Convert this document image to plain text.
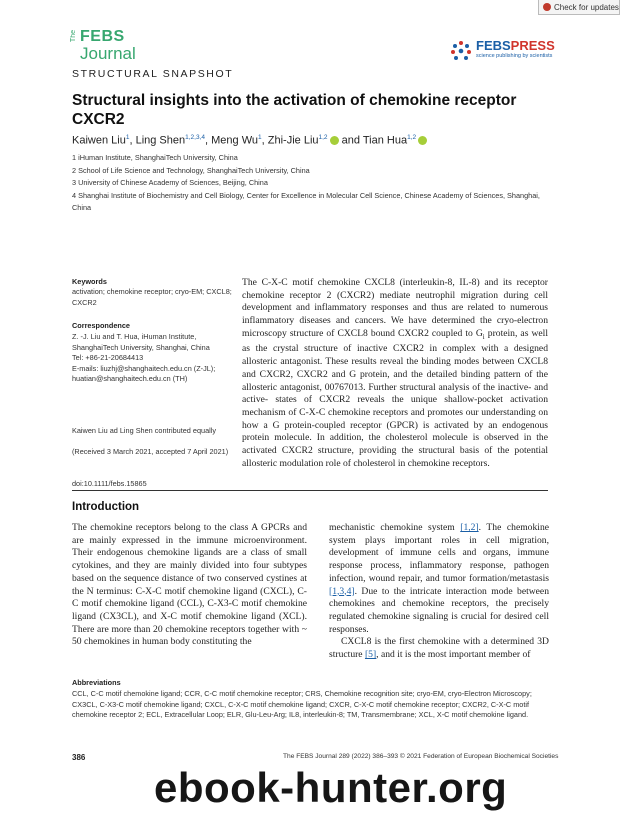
Check for updates
The FEBS
Journal	FEBSPRESS
science publishing by scientists
STRUCTURAL SNAPSHOT
Structural insights into the activation of chemokine receptor CXCR2
Kaiwen Liu$^1$, Ling Shen$^{1,2,3,4}$, Meng Wu$^1$, Zhi-Jie Liu$^{1,2}$ and Tian Hua$^{1,2}$

1 iHuman Institute, ShanghaiTech University, China

2 School of Life Science and Technology, ShanghaiTech University, China

3 University of Chinese Academy of Sciences, Beijing, China

4 Shanghai Institute of Biochemistry and Cell Biology, Center for Excellence in Molecular Cell Science, Chinese Academy of Sciences, Shanghai, China

Keywords
activation; chemokine receptor; cryo-EM; CXCL8; CXCR2
Correspondence
Z. -J. Liu and T. Hua, iHuman Institute,
ShanghaiTech University, Shanghai, China
Tel: +86-21-20684413
E-mails: liuzhj@shanghaitech.edu.cn (Z-JL);
huatian@shanghaitech.edu.cn (TH)
Kaiwen Liu ad Ling Shen contributed equally
(Received 3 March 2021, accepted 7 April 2021)
doi:10.1111/febs.15865
The C-X-C motif chemokine CXCL8 (interleukin-8, IL-8) and its receptor chemokine receptor 2 (CXCR2) mediate neutrophil migration during cell development and inflammatory responses and thus are related to numerous inflammatory diseases and cancers. We have determined the cryo-electron microscopy structure of CXCL8 bound CXCR2 coupled to $G_i$ protein, as well as the crystal structure of inactive CXCR2 in complex with a designed allosteric antagonist. These results reveal the binding modes between CXCL8 and CXCR2, CXCR2 and G protein, and the detailed binding pattern of the allosteric antagonist, 00767013. Further structural analysis of the inactive- and active- states of CXCR2 reveals the unique shallow-pocket activation mechanism of C-X-C chemokine receptors and promotes our understanding on how a G protein-coupled receptor (GPCR) is activated by an endogenous protein molecule. In addition, the cholesterol molecule is observed in the activated CXCR2 structure, providing the structural basis of the potential allosteric modulation role of cholesterol in chemokine receptors.
Introduction
The chemokine receptors belong to the class A GPCRs and are mainly expressed in the immune microenvironment. Their endogenous chemokine ligands are a class of small cytokines, and they are mainly divided into four subtypes based on the sequence distance of two conserved cystines at the N terminus: C-X-C motif chemokine ligand (CXCL), C-C motif chemokine ligand (CCL), C-X3-C motif chemokine ligand (CX3CL), and X-C motif chemokine ligand (XCL). There are more than 20 chemokine receptors together with ~ 50 chemokines in human body constituting the
mechanistic chemokine system [1,2]. The chemokine system plays important roles in cell migration, development of immune cells and organs, immune response process, inflammatory response, pathogen infection, wound repair, and tumor formation/metastasis [1,3,4]. Due to the intricate interaction mode between chemokines and chemokine receptors, the precisely regulated chemokine signaling is crucial for desired cell responses.
CXCL8 is the first chemokine with a determined 3D structure [5], and it is the most important member of
Abbreviations
CCL, C-C motif chemokine ligand; CCR, C-C motif chemokine receptor; CRS, Chemokine recognition site; cryo-EM, cryo-Electron Microscopy; CX3CL, C-X3-C motif chemokine ligand; CXCL, C-X-C motif chemokine ligand; CXCR, C-X-C motif chemokine receptor; CXCR2, C-X-C motif chemokine receptor 2; ECL, Extracellular Loop; ELR, Glu-Leu-Arg; IL8, interleukin-8; TM, Transmembrane; XCL, X-C motif chemokine ligand.
386	The FEBS Journal 289 (2022) 386–393 © 2021 Federation of European Biochemical Societies
ebook-hunter.org
